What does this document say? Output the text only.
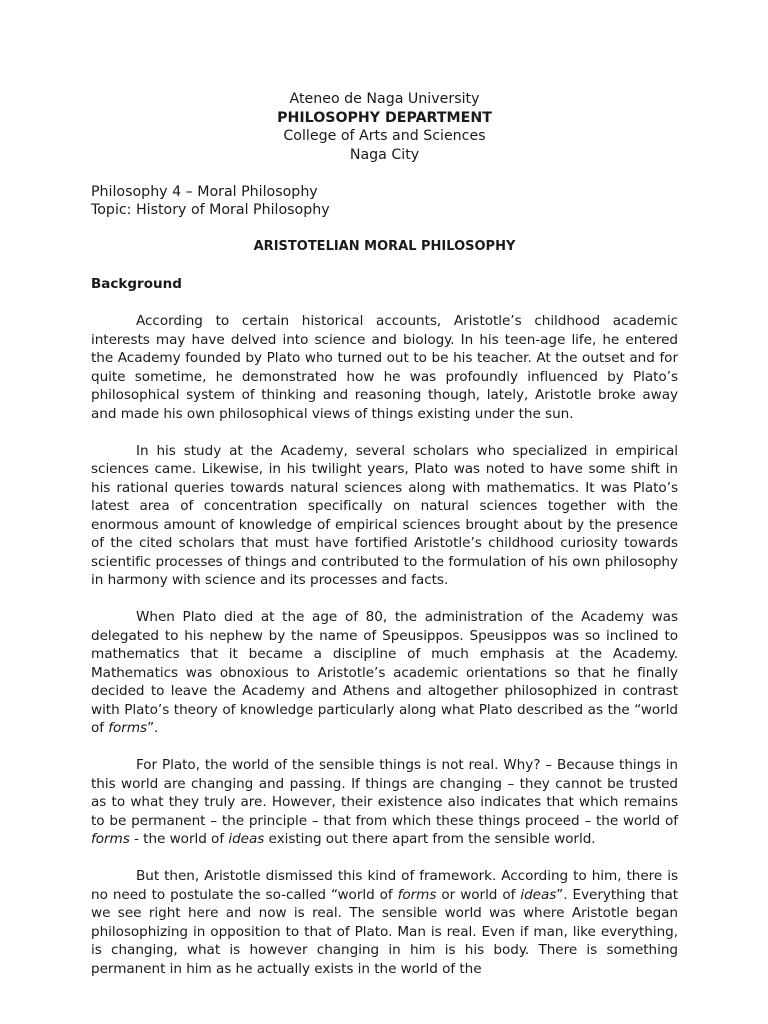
Ateneo de Naga University
PHILOSOPHY DEPARTMENT
College of Arts and Sciences
Naga City
Philosophy 4 – Moral Philosophy
Topic: History of Moral Philosophy
ARISTOTELIAN MORAL PHILOSOPHY
Background

According to certain historical accounts, Aristotle’s childhood academic interests may have delved into science and biology. In his teen-age life, he entered the Academy founded by Plato who turned out to be his teacher. At the outset and for quite sometime, he demonstrated how he was profoundly influenced by Plato’s philosophical system of thinking and reasoning though, lately, Aristotle broke away and made his own philosophical views of things existing under the sun.

In his study at the Academy, several scholars who specialized in empirical sciences came. Likewise, in his twilight years, Plato was noted to have some shift in his rational queries towards natural sciences along with mathematics. It was Plato’s latest area of concentration specifically on natural sciences together with the enormous amount of knowledge of empirical sciences brought about by the presence of the cited scholars that must have fortified Aristotle’s childhood curiosity towards scientific processes of things and contributed to the formulation of his own philosophy in harmony with science and its processes and facts.

When Plato died at the age of 80, the administration of the Academy was delegated to his nephew by the name of Speusippos. Speusippos was so inclined to mathematics that it became a discipline of much emphasis at the Academy. Mathematics was obnoxious to Aristotle’s academic orientations so that he finally decided to leave the Academy and Athens and altogether philosophized in contrast with Plato’s theory of knowledge particularly along what Plato described as the “world of forms”.

For Plato, the world of the sensible things is not real. Why? – Because things in this world are changing and passing. If things are changing – they cannot be trusted as to what they truly are. However, their existence also indicates that which remains to be permanent – the principle – that from which these things proceed – the world of forms - the world of ideas existing out there apart from the sensible world.

But then, Aristotle dismissed this kind of framework. According to him, there is no need to postulate the so-called “world of forms or world of ideas”. Everything that we see right here and now is real. The sensible world was where Aristotle began philosophizing in opposition to that of Plato. Man is real. Even if man, like everything, is changing, what is however changing in him is his body. There is something permanent in him as he actually exists in the world of the
